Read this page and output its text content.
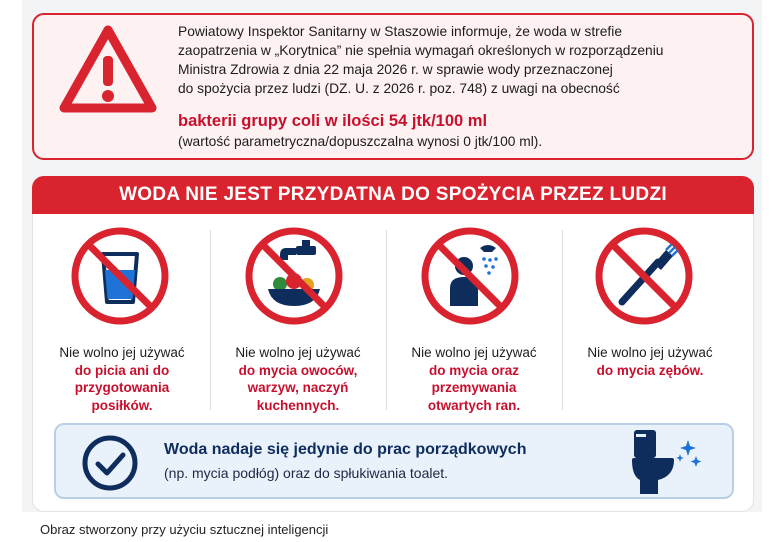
Powiatowy Inspektor Sanitarny w Staszowie informuje, że woda w strefie
zaopatrzenia w „Korytnica” nie spełnia wymagań określonych w rozporządzeniu
Ministra Zdrowia z dnia 22 maja 2026 r. w sprawie wody przeznaczonej
do spożycia przez ludzi (DZ. U. z 2026 r. poz. 748) z uwagi na obecność
bakterii grupy coli w ilości 54 jtk/100 ml
(wartość parametryczna/dopuszczalna wynosi 0 jtk/100 ml).
WODA NIE JEST PRZYDATNA DO SPOŻYCIA PRZEZ LUDZI
Nie wolno jej używać
do picia ani do
przygotowania
posiłków.
Nie wolno jej używać
do mycia owoców,
warzyw, naczyń
kuchennych.
Nie wolno jej używać
do mycia oraz
przemywania
otwartych ran.
Nie wolno jej używać
do mycia zębów.
Woda nadaje się jedynie do prac porządkowych
(np. mycia podłóg) oraz do spłukiwania toalet.
Obraz stworzony przy użyciu sztucznej inteligencji
